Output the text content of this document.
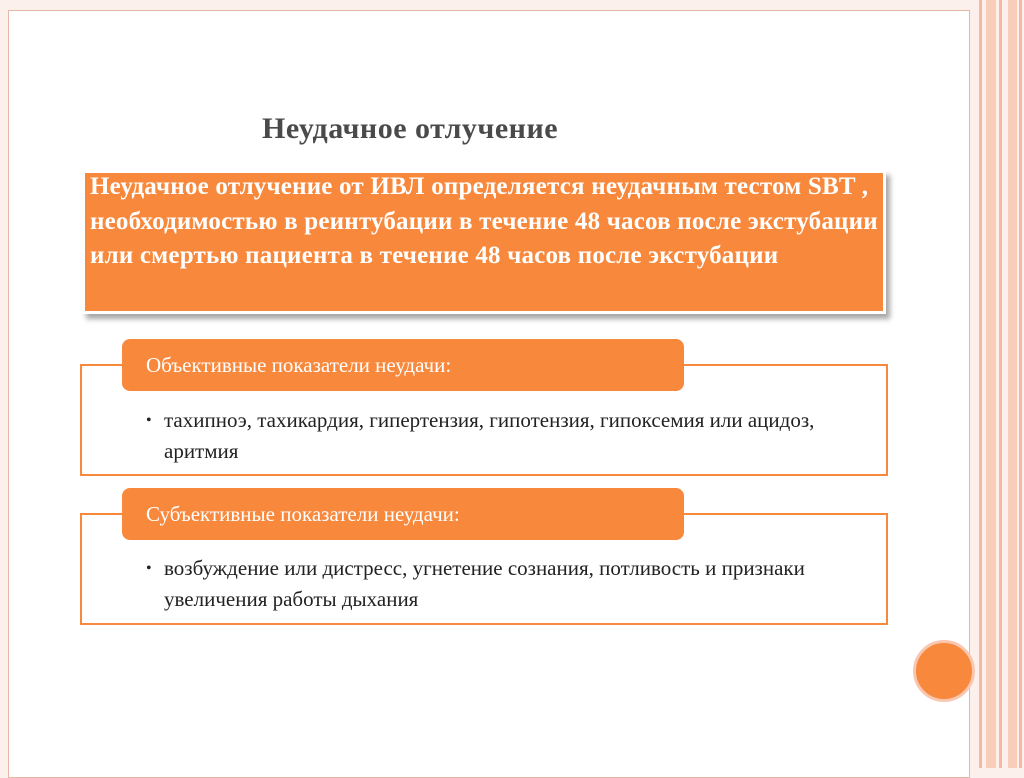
Неудачное отлучение

Неудачное отлучение от ИВЛ определяется неудачным тестом SBT , необходимостью в реинтубации в течение 48 часов после экстубации или смертью пациента в течение 48 часов после экстубации

Объективные показатели неудачи:
• тахипноэ, тахикардия, гипертензия, гипотензия, гипоксемия или ацидоз, аритмия
Субъективные показатели неудачи:
• возбуждение или дистресс, угнетение сознания, потливость и признаки увеличения работы дыхания
